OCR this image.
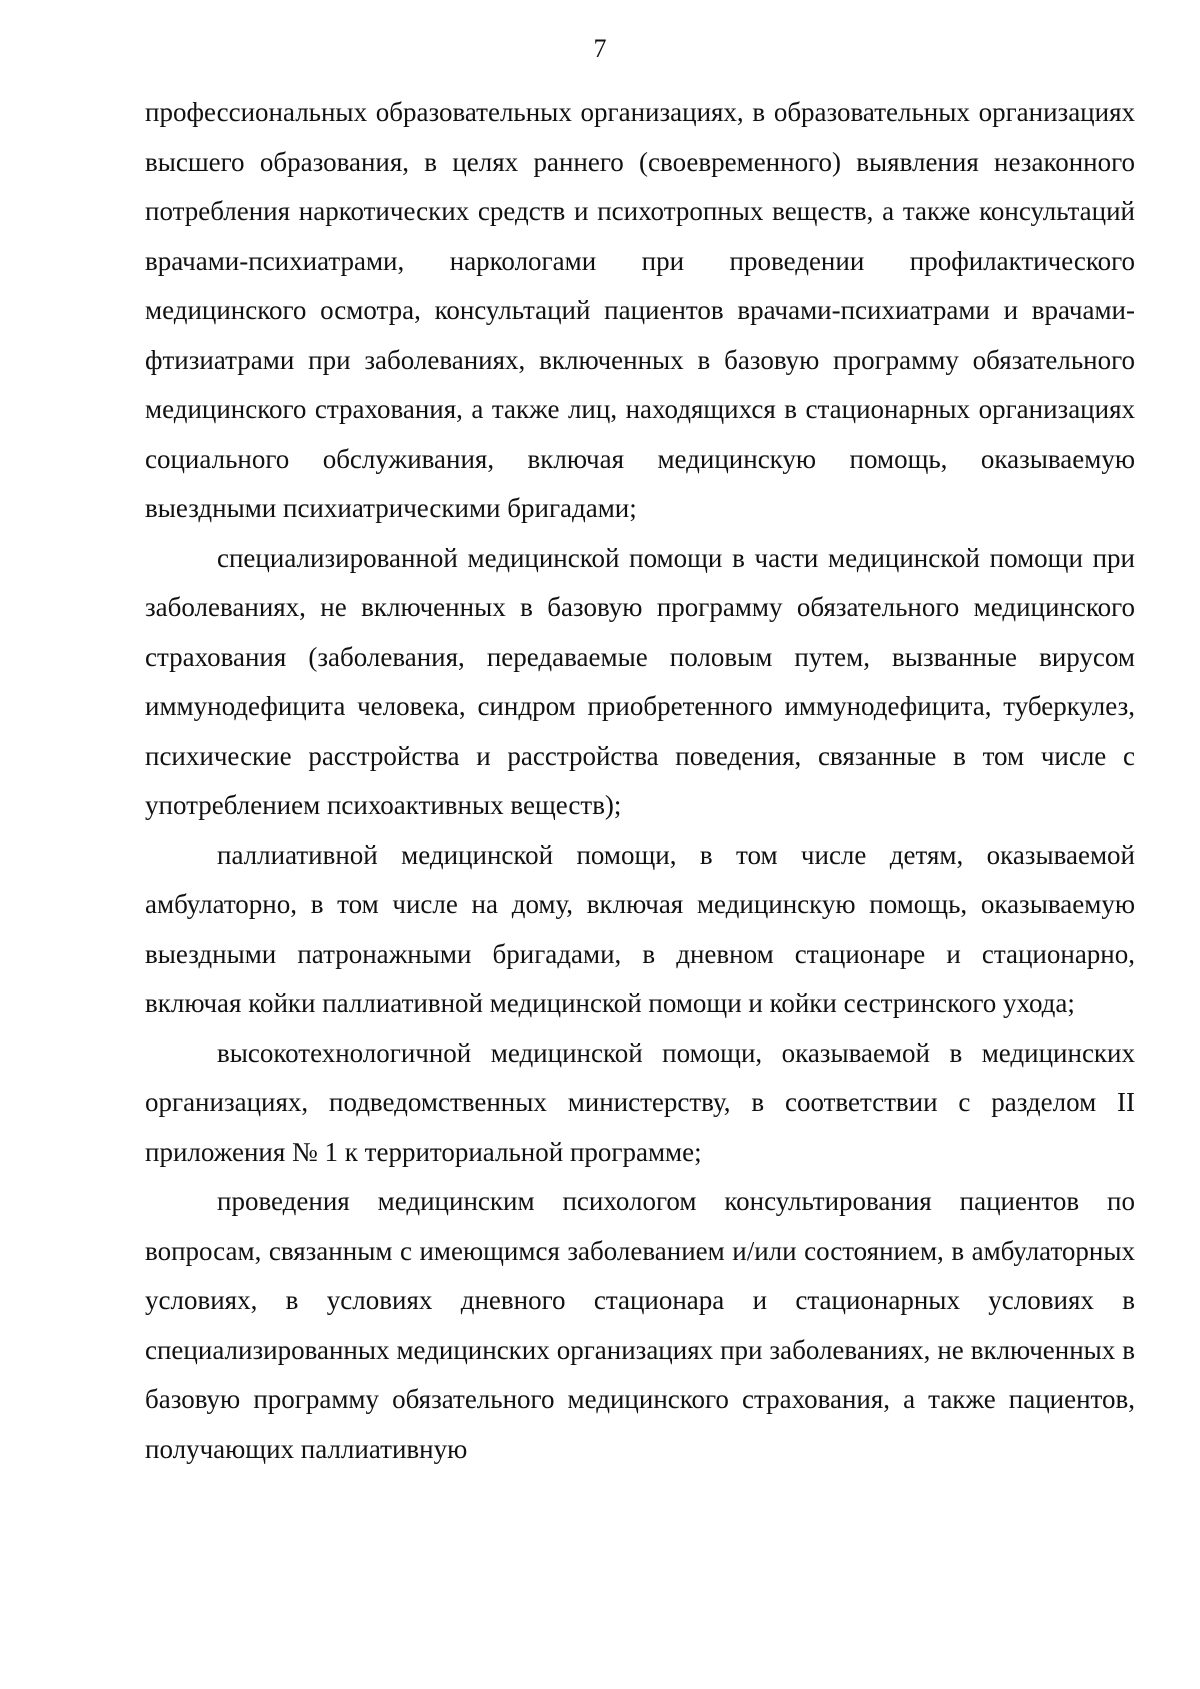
7

профессиональных образовательных организациях, в образовательных организациях высшего образования, в целях раннего (своевременного) выявления незаконного потребления наркотических средств и психотропных веществ, а также консультаций врачами-психиатрами, наркологами при проведении профилактического медицинского осмотра, консультаций пациентов врачами-психиатрами и врачами-фтизиатрами при заболеваниях, включенных в базовую программу обязательного медицинского страхования, а также лиц, находящихся в стационарных организациях социального обслуживания, включая медицинскую помощь, оказываемую выездными психиатрическими бригадами;

специализированной медицинской помощи в части медицинской помощи при заболеваниях, не включенных в базовую программу обязательного медицинского страхования (заболевания, передаваемые половым путем, вызванные вирусом иммунодефицита человека, синдром приобретенного иммунодефицита, туберкулез, психические расстройства и расстройства поведения, связанные в том числе с употреблением психоактивных веществ);

паллиативной медицинской помощи, в том числе детям, оказываемой амбулаторно, в том числе на дому, включая медицинскую помощь, оказываемую выездными патронажными бригадами, в дневном стационаре и стационарно, включая койки паллиативной медицинской помощи и койки сестринского ухода;

высокотехнологичной медицинской помощи, оказываемой в медицинских организациях, подведомственных министерству, в соответствии с разделом II приложения № 1 к территориальной программе;

проведения медицинским психологом консультирования пациентов по вопросам, связанным с имеющимся заболеванием и/или состоянием, в амбулаторных условиях, в условиях дневного стационара и стационарных условиях в специализированных медицинских организациях при заболеваниях, не включенных в базовую программу обязательного медицинского страхования, а также пациентов, получающих паллиативную
